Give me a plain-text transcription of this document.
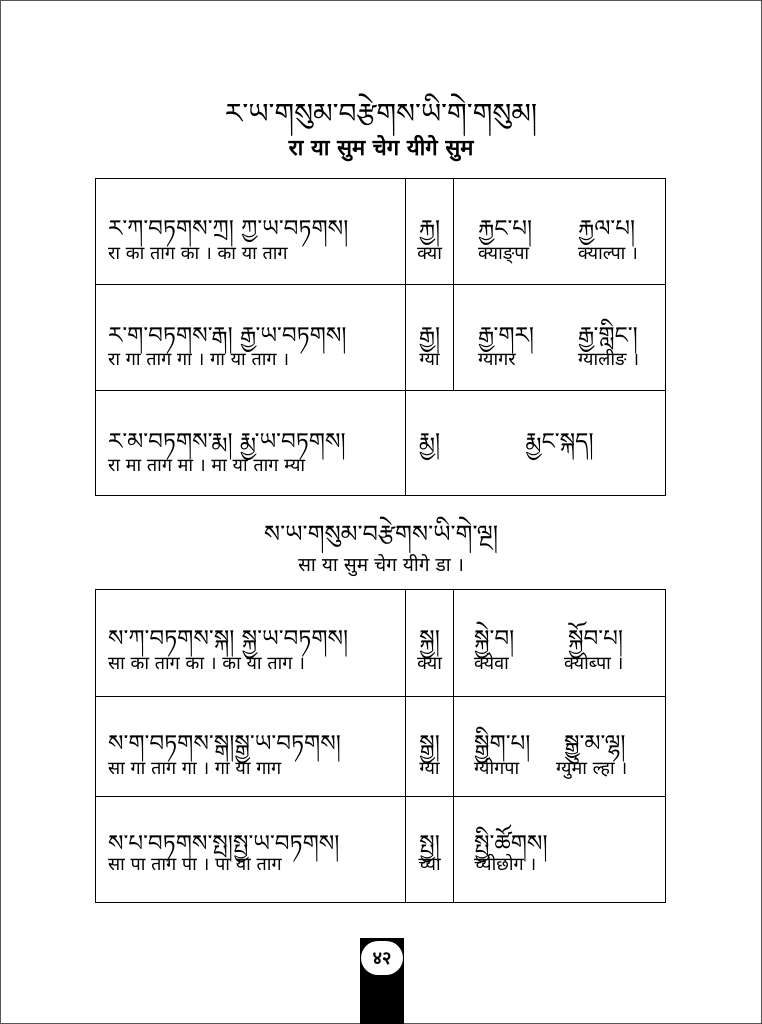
ར་ཡ་གསུམ་བརྩེགས་ཡི་གེ་གསུམ།
रा या सुम चेग यीगे सुम
ར་ཀ་བཏགས་ཀྲ། ཀྱ་ཡ་བཏགས།
रा का ताग का । का या ताग
རྐྱ།
क्या
རྐྱང་པ།
क्याङ्पा
རྐྱལ་པ།
क्याल्पा ।
ར་ག་བཏགས་རྒ། རྒྱ་ཡ་བཏགས།
रा गा ताग गा । गा या ताग ।
རྒྱ།
ग्या
རྒྱ་གར།
ग्यागर
རྒྱ་གླིང་།
ग्यालीङ ।
ར་མ་བཏགས་རྨ། རྨྱ་ཡ་བཏགས།
रा मा ताग मा । मा या ताग म्या
རྨྱ།	རྨྱང་སྐད།
ས་ཡ་གསུམ་བརྩེགས་ཡི་གེ་ལྔ།
सा या सुम चेग यीगे डा ।
ས་ཀ་བཏགས་སྐ། སྐྱ་ཡ་བཏགས།
सा का ताग का । का या ताग ।
སྐྱ།
क्या
སྐྱེ་བ།
क्येवा
སྐྱོབ་པ།
क्योब्पा ।
ས་ག་བཏགས་སྒ།སྒྱ་ཡ་བཏགས།
सा गा ताग गा । गा या गाग
སྒྱ།
ग्या
སྒྱིག་པ།
ग्यीगपा
སྒྱུ་མ་ལྷ།
ग्युमा ल्हा ।
ས་པ་བཏགས་སྤ།སྤྱ་ཡ་བཏགས།
सा पा ताग पा । पा या ताग
སྤྱ།
च्या
སྤྱི་ཚོགས།
च्यीछोग ।
४२
